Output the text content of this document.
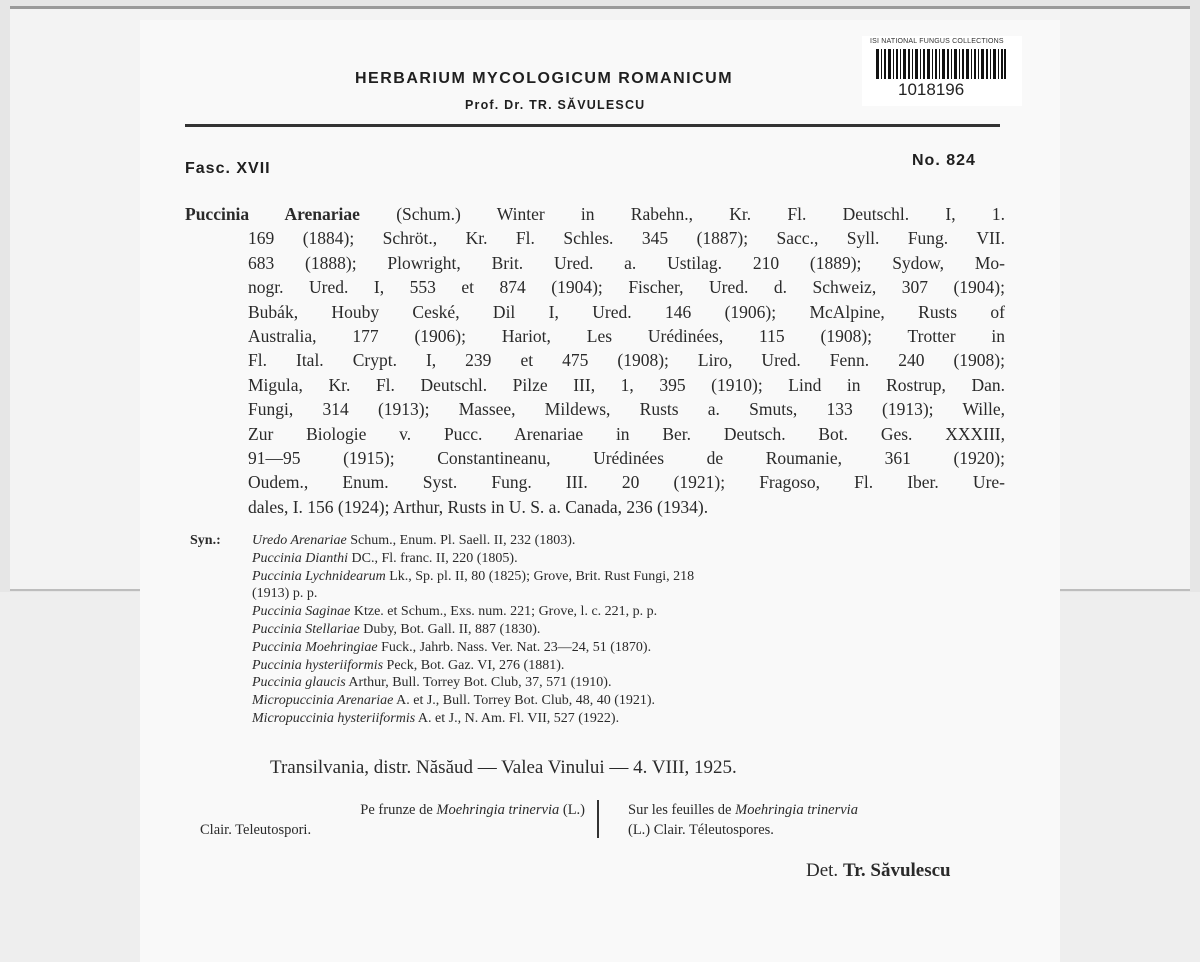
HERBARIUM MYCOLOGICUM ROMANICUM
Prof. Dr. TR. SĂVULESCU
ISI NATIONAL FUNGUS COLLECTIONS
1018196
Fasc. XVII	No. 824
Puccinia Arenariae (Schum.) Winter in Rabehn., Kr. Fl. Deutschl. I, 1.
169 (1884); Schröt., Kr. Fl. Schles. 345 (1887); Sacc., Syll. Fung. VII.
683 (1888); Plowright, Brit. Ured. a. Ustilag. 210 (1889); Sydow, Mo-
nogr. Ured. I, 553 et 874 (1904); Fischer, Ured. d. Schweiz, 307 (1904);
Bubák, Houby Ceské, Dil I, Ured. 146 (1906); McAlpine, Rusts of
Australia, 177 (1906); Hariot, Les Urédinées, 115 (1908); Trotter in
Fl. Ital. Crypt. I, 239 et 475 (1908); Liro, Ured. Fenn. 240 (1908);
Migula, Kr. Fl. Deutschl. Pilze III, 1, 395 (1910); Lind in Rostrup, Dan.
Fungi, 314 (1913); Massee, Mildews, Rusts a. Smuts, 133 (1913); Wille,
Zur Biologie v. Pucc. Arenariae in Ber. Deutsch. Bot. Ges. XXXIII,
91—95 (1915); Constantineanu, Urédinées de Roumanie, 361 (1920);
Oudem., Enum. Syst. Fung. III. 20 (1921); Fragoso, Fl. Iber. Ure-
dales, I. 156 (1924); Arthur, Rusts in U. S. a. Canada, 236 (1934).
Syn.: Uredo Arenariae Schum., Enum. Pl. Saell. II, 232 (1803).
Puccinia Dianthi DC., Fl. franc. II, 220 (1805).
Puccinia Lychnidearum Lk., Sp. pl. II, 80 (1825); Grove, Brit. Rust Fungi, 218
(1913) p. p.
Puccinia Saginae Ktze. et Schum., Exs. num. 221; Grove, l. c. 221, p. p.
Puccinia Stellariae Duby, Bot. Gall. II, 887 (1830).
Puccinia Moehringiae Fuck., Jahrb. Nass. Ver. Nat. 23—24, 51 (1870).
Puccinia hysteriiformis Peck, Bot. Gaz. VI, 276 (1881).
Puccinia glaucis Arthur, Bull. Torrey Bot. Club, 37, 571 (1910).
Micropuccinia Arenariae A. et J., Bull. Torrey Bot. Club, 48, 40 (1921).
Micropuccinia hysteriiformis A. et J., N. Am. Fl. VII, 527 (1922).
Transilvania, distr. Năsăud — Valea Vinului — 4. VIII, 1925.
Pe frunze de Moehringia trinervia (L.)
Clair. Teleutospori.
Sur les feuilles de Moehringia trinervia
(L.) Clair. Téleutospores.
Det. Tr. Săvulescu
